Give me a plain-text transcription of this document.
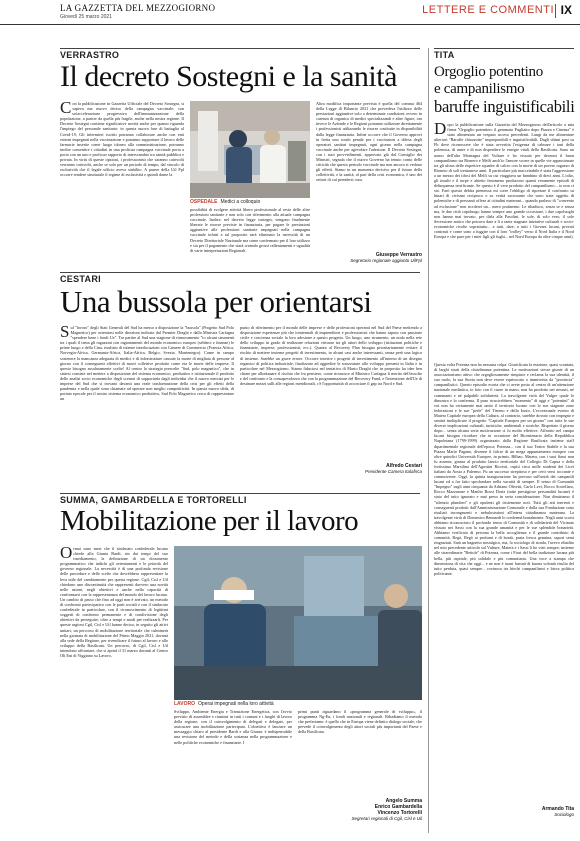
LA GAZZETTA DEL MEZZOGIORNO
Giovedì 25 marzo 2021
LETTERE E COMMENTI IX
VERRASTRO
Il decreto Sostegni e la sanità
Con la pubblicazione in Gazzetta Ufficiale del Decreto Sostegni, si sapeva ma nuovo deciso della campagna vaccinale: con un'accelerazione progressiva dell'immunizzazione della popolazione, a partire da quella più fragile, anche nella nostra regione. Il Decreto Sostegni contiene significative novità anche per quanto riguarda l'impiego del personale sanitario: in questa nuova fase di battaglia al Covid-19, Gli infermieri iscritti potranno collaborare anche con enti esterni impegnati nella vaccinazione e potranno supportare il lavoro delle farmacie inserite come luogo idoneo alla somministrazione, potranno inoltre consentire i cittadini in una proficua campagna vaccinale porta a porta con un uno e proficuo rapporto di interscambio tra sanità pubblica e privata. In virtù di queste opzioni, i professionisti che saranno coinvolti verranno coinvolti, anche se solo per un periodo di tempo, dal vincolo di esclusività che il legale ufficio aveva stabilito. A parere della Uil Fpl occorre rendere strutturale il regime di esclusività e quindi darne la
OSPEDALE Medici a colloquio
possibilità di svolgere attività libero professionale al resto delle altre professioni sanitarie e non solo con riferimento alla attuale campagna vaccinale. Inoltre, nel decreto legge sostegni, vengono finalmente liberate le risorse previste in finanziaria, per pagare le prestazioni aggiuntive alle professioni sanitarie impegnati nella campagna vaccinale infatti a tal proposito sarà eliminato la necessità di un Decreto Direttoriale Nazionale ma come confermato per il loro utilizzo e sia per il pagamento che starà creando grossi rallentamenti e ugualità di varie interpretazioni Regionali.
Altra modifica importante prevista è quella del comma 464 della Legge di Bilancio 2021 che prevedeva l'utilizzo delle prestazioni aggiuntive solo a determinate condizioni ovvero in carenza di organico di medici specializzandi e altre figure, ora invece le Aziende e le Regioni potranno utilizzare direttamente i professionisti utilizzando le risorse costituite in disponibilità dalla legge finanziaria. Infine occorre che il Governo approvi in fretta uno scudo penale per i vaccinatori a difesa degli operatori sanitari impegnati, ogni giorno nella campagna vaccinale anche per agevolare l'adesione. Il Decreto Sostegni, con i suoi provvedimenti, approvato già dal Consiglio dei Ministri, segnala che il nuovo Governo ha tenuto conto delle criticità che questo periodo vaccinale ma non ancora si vedono gli effetti. Siamo in un momento decisivo per il futuro della collettività, e la sanità, al pari della crisi economica, è uno dei settori di cui prendersi cura.
Giuseppe Verrastro
Segretario regionale aggiunto UilFpl
CESTARI
Una bussola per orientarsi
Sul "lavoro" degli Stati Generali del Sud ha messo a disposizione la "bussola" (Progetto Sud Polo Magnetico) per orientarsi nelle direzioni indicate dal Premier Draghi e dalla Ministra Carfagna "spendere bene i fondi Ue". Tar partire al Sud una stagione di rinnovamento "io alcuni strumenti tra i quali il tema gli ragazzini con ragionamenti del mondo economico europeo (sebbeci e finanze) le prime luogo e della Cina, risultato di intense interlocuzioni con Camere di Commercio (Francia Africa, Norvegia-Africa, Germania-Africa, Italia-Africa, Belgio, Svezia, Montenegro). Come in campo sostenere la mancanza adeguata di medici e di infrastrutture causate la morte di migliaia di persone al giorno con il conseguenti effettivi di morti collettive prodotto come era le morte delle imprese. Il questo bisogno assolutamente scelte! Al centro la strategia prescelte "Sud, polo magnetico", che in sintesi consiste nel mettere a disposizione del sistema economico, produttivo e istituzionale il prodotto delle analisi socio economiche degli scenari di sopportarla dagli individui che il nuovo mercati per le imprese del Sud che si trovano davanti una reale trasformazione della crisi per gli effetti della pandemia e nella quale sono chiamate ad operare non meglio competitività. In questa nuova sfida, di portata epocale per il nostro sistema economico produttivo, Sud Polo Magnetico cerca di rappresentare un
punto di riferimento per il mondo delle imprese e delle professioni operanti nel Sud del Paese mettendo a disposizione esperienze più che trentennali di imprenditori e professionisti che hanno saputo con passione civile e coscienza sociale la loro adesione a questo progetto. Un luogo, uno strumento, un nodo nella rete dello sviluppo in grado di realizzare relazioni virtuose tra gli attori dello sviluppo (istituzioni politiche e finanziarie, imprese, professionisti, ecc.). Quanto al Recovery Plan bisogna prioritariamente evitare il rischio di mettere insieme progetti di investimento, in alcuni casi anche interessanti, senza però una logica di insieme. Sarebbe un grave errore. Occorre inserire i progetti di investimento all'interno di un disegno organico di politica industriale, finalizzato ad aggredire le strozzature allo sviluppo presenti in Italia e in particolare nel Mezzogiorno. Siamo fiduciosi nel tentativo di Mario Draghi che in proposito ha idee ben chiare per allontanare il rischio che fra pensiero, come riconosce al Ministro Carfagna li merito dell'assolto e del confronto e la consapevolezza che con la programmazione del Recovery Fund, e l'intenzione dell'Ue di destinare mezzi sulli alle regioni meridionali, c'è l'opportunità di accorciare il gap tra Nord e Sud.
Alfredo Cestari
Presidente Camera Italafrica
SUMMA, GAMBARDELLA E TORTORELLI
Mobilitazione per il lavoro
Ormai sono mesi che il sindacato confederale lucano chiede alla Giunta Bardi, sin dai tempi del suo insediamento, la definizione di un documento programmatico che indichi gli orientamenti e le priorità del governo regionale. La necessità è di una profonda revisione delle procedure e delle scelte che dovrebbero rappresentare la leva utile del cambiamento per questa regione. Cgil, Cisl e Uil chiedono uno discontinuità che rappresenti davvero una novità nelle azioni, negli obiettivi e anche nella capacità di confrontarsi con la rappresentanza del mondo del lavoro lucano. Un cambio di passo che fino ad oggi non è arrivato, un metodo di confronto partecipativo con le parti sociali e con il sindacato confederale in particolare, con il riconoscimento di legittimi soggetti di confronto permanente e di condivisione degli obiettivi da perseguire, oltre a tempi e modi per realizzarli. Per queste ragioni Cgil, Cisl e Uil hanno deciso, in seguito gli attivi unitari, un percorso di mobilitazione territoriale che culminerà nella giornata di mobilitazione del Primo Maggio 2021, davanti alla sede della Regione, per rivendicare il futuro al lavoro e allo sviluppo della Basilicata. Un percorso, di Cgil, Cisl e Uil intendono affrontare, che si aprirà il 31 marzo davanti al Centro Oli Eni di Viggiano su Lavoro,
LAVORO Operai impegnati nella loro attività
Sviluppo, Ambiente Energia e Transizione Energetica, con l'avvio previsto di assemblee e riunioni in tutti i comuni e i luoghi di lavoro della regione, con il coinvolgimento di delegati e delegate, per assicurare una mobilitazione partecipata. L'obiettivo è lanciare un messaggio chiaro al presidente Bardi e alla Giunta: è indispensabile una revisione del metodo e della sostanza nella programmazione e nelle politiche economiche e finanziarie. I
primi punti riguardano il «programma generale di sviluppo», il programma Ng-Eu, i fondi nazionali e regionali. Ribadiamo il metodo che preferiamo: è quello che in Europa viene definito dialogo sociale, che prevede il coinvolgimento degli attori sociali più importanti del Paese e della Basilicata.
Angelo Summa
Enrico Gambardella
Vincenzo Tortorelli
Segretari regionali di Cgil, Cisl e Uil
TITA
Orgoglio potentino
e campanilismo
baruffe inguistificabili
Dopo la pubblicazione sulla Gazzetta del Mezzogiorno dell'articolo a mia firma "Orgoglio potentino: il gemmato Pugliatto dopo Piazza e Cinema" è stato alimentato un vespaio acceso precedenti. Lungi da me alimentare ulteriori "Baruffe chiozzotte" improponibili e inguistificabili. Dagli ultimi post su Fb dove riconoscere che è stata avvertita l'esigenza di calmare i toni della polemica, di unire e di non disperdere le energie vitali della Basilicata. Sono un uomo dell'alta Montagna del Vulture e ho vissuto per decenni il buon campanilismo tra Rionero e Melfi anch'io l'amore scorre in quelle vie appassionate tra gli ultras delle rispettive squadre di calcio con la morte di un povero ragazzo di Rionero di soli trentanove anni. Il particolare più inaccettabile è stata l'aggressione a un mezzo dei tifosi del Melfi su cui viaggiava un bambino di dieci anni. L'odio, gli insulti e il turpe e abietto fenomeno producono quanti veramente episodi di delinquenza terrificante. Se questo è il vero prodotto del campanilismo... io non ci sto. Farò questa debita premessa mi corre l'obbligo di riportare il confronto su binari di civismo reciproco e su verità sacrosante che sono state oggetto di polemiche e di pressanti offese ai cittadini materani... quando parlavo di "convento ad esclusione" non ricrderei un... mero pratinento. Le ribadisco, senza se e senza ma, le due città capoluogo hanno sempre uno grande occasione, i due capoluoghi non hanno mai trovato, per dirla alla Pasolini, le sole, di solo vero, il sole Secessione antico che potrava dare a lì a tante stagnate iniziative culturali e socio-economiche rivolte soprattutto... a tutti, dare, a tutti i Giovani lucani, provati contrasti e come sono a fuggire con il loro "trolley" verso il Nord Italia e il Nord Europa e che pure per i miei figli gli fughi... nel Nord Europa da oltre cinque anni).
Questa volta Potenza non ha nessuna colpa. Giustificata la reazione, quasi scontata, di larghi strati della cittadinanza potentina. Le motivazioni stesse giunte di un associazionismo attivo che orgogliosamente rimpiace e reclama la sua identità, il suo ruolo, la sua Storia non deve essere equivocato o immiserita da "provincia" campanilistici. Questo episodio esorta che ci avete posto al centro di un'attenzione nazionale mediatica, io foto con il cuore in mano, non ha prodotto nei nessuti, né comunanti e né palpabili solidarietà. La travolgente virtù del Vulgre quale lo dimostra e lo conferma. Il puro ricucirebbero "momento" di aggi e "potentini" di voi non ha certamente mai unito il territorio lucano con lo sue stagnate zone federazioni e le sue "perle" del Tirreno e dello Ionio. L'eccezionale evento di Matera Capitale europea della Cultura, al contrario, sarebbe dovuto con impegno e sentirà moltiplicare il progetto "Capitale Europea per un giorno" con tutte le sue diverse implicazioni culturali, turistiche, ambientali e storiche. Rispettate il giorno dopo... senza alcuna seria motivazione ci fu molto effettive. Affronto nel campo lucani bisogna ricordare che in occasione del Bicentenario della Repubblica Napoletana (1799-1999) organizzato dalla Regione Basilicata insieme staff dipartimentale regionale dell'epoca; Potenza... con il suo Teatro Stabile e la sua Piazza Mario Pagano, divenne il fulcro di un mega appuntamento europeo con oltre quindici Università Europee, in primis, Bilbao, Matera, con i suoi Sassi non fu assente, giunse al prodotto lancio territoriale del Collegio Di Capua e della fortissima Marsilina dell'Agostini Riccisti, ospiti circa mille studenti dei Licei italiani da Aosta a Palermo. Fu un successo strepitoso e per certi versi toccante e commovente. Oggi, la quinta inaugurazione ha prevaso sull'unità dei campanili lucani ed a far fatto sprofondare nella vacuità di sempre. Il senso di Comunità "Impegno" sugli anni cinquanta da Adriano Olivetti, Carlo Levi, Rocco Scotellaro, Rocco Mazzarone e Manlio Rossi Doria (tutte prestigiose personalità lucane) è stato del tutto ignorato e mai preso in seria considerazione. Non dimiriamo il "silenzio plumbeo" e gli opulenti gli tristemente noti. Tutti gli atti inerenti e conseguenti prodotti dall'Amministrazione Comunale e dalla sua Fondazione sono risultati incongruenti e nebulosissimi all'intera cittadinanza materana. La travolgente virtù di Domenico Bennardi lo confermà brutalmente. Negli anni scorsi abbiamo riconosciuto il profondo senso di Comunità e di solidarietà del Vicinato vissuto nei Sassi con la sua grande umanità e per le sue splendide bonarietà. Abbiamo verificato di persona la bella accoglienza e il grande contributo di comunità. Regò, Regò ai profumi e di bontà, pasta fresca genuina, sapori semi ringraziati. Sarà un bagnetto nostalgico, ma, lo sociologo di strada, l'avevo ribadito nel mio precedente articolo sul Vulture, Matera e i Sassi li ho visti sempre, insieme alle straordinarie "Bettole" di Potenza, come i Fiori del bella tradizione lucana più bella, più ospitale, più solidale e più comunitaria. Una voce a stampa che dimensiona di vita che oggi... e ne non è tuoni barsati di buona volontà risulta del tutto perduta, quasi sempre... rovinosa tra biechi campanilismi e bieca politica politicante.
Armando Tita
Sociologo
